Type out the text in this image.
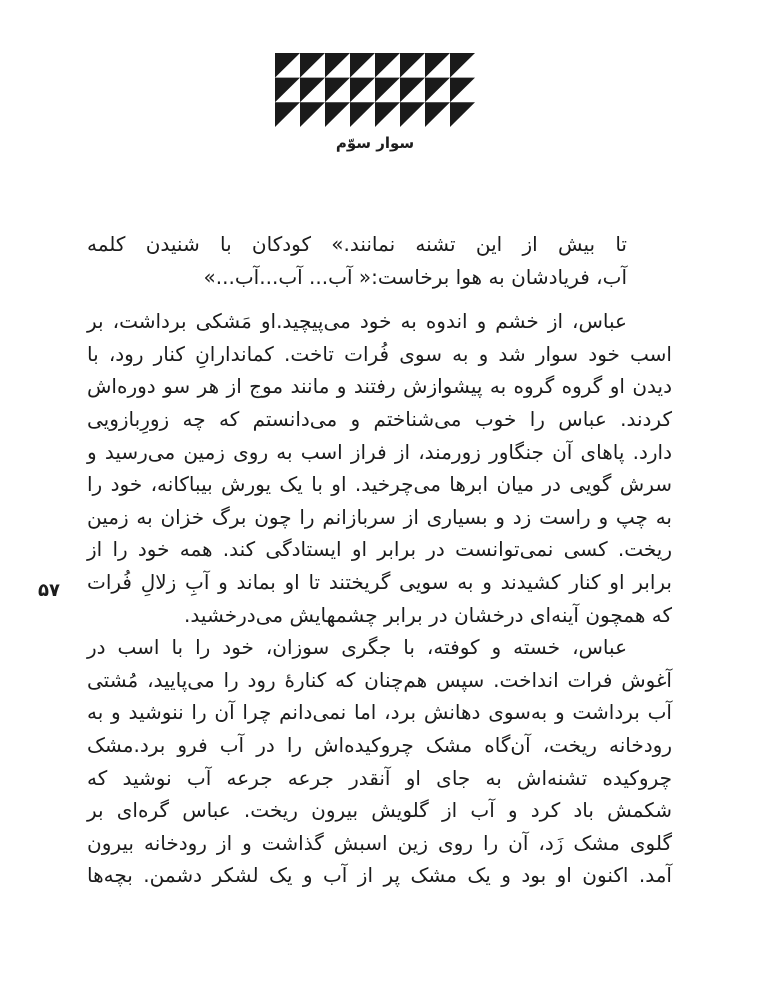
سوار سوّم
۵۷
تا بیش از این تشنه نمانند.» کودکان با شنیدن کلمه
آب، فریادشان به هوا برخاست:« آب... آب...آب...»
عباس، از خشم و اندوه به خود می‌پیچید.او مَشکی برداشت، بر
اسب خود سوار شد و به سوی فُرات تاخت. کماندارانِ کنار رود، با
دیدن او گروه گروه به پیشوازش رفتند و مانند موج از هر سو دوره‌اش
کردند. عباس را خوب می‌شناختم و می‌دانستم که چه زورِبازویی
دارد. پاهای آن جنگاور زورمند، از فراز اسب به روی زمین می‌رسید و
سرش گویی در میان ابرها می‌چرخید. او با یک یورش بیباکانه، خود را
به چپ و راست زد و بسیاری از سربازانم را چون برگ خزان به زمین
ریخت. کسی نمی‌توانست در برابر او ایستادگی کند. همه خود را از
برابر او کنار کشیدند و به سویی گریختند تا او بماند و آبِ زلالِ فُرات
که همچون آینه‌ای درخشان در برابر چشمهایش می‌درخشید.
عباس، خسته و کوفته، با جگری سوزان، خود را با اسب در
آغوش فرات انداخت. سپس هم‌چنان که کنارهٔ رود را می‌پایید، مُشتی
آب برداشت و به‌سوی دهانش برد، اما نمی‌دانم چرا آن را ننوشید و به
رودخانه ریخت، آن‌گاه مشک چروکیده‌اش را در آب فرو برد.مشک
چروکیده تشنه‌اش به جای او آنقدر جرعه جرعه آب نوشید که
شکمش باد کرد و آب از گلویش بیرون ریخت. عباس گره‌ای بر
گلوی مشک زَد، آن را روی زین اسبش گذاشت و از رودخانه بیرون
آمد. اکنون او بود و یک مشک پر از آب و یک لشکر دشمن. بچه‌ها
